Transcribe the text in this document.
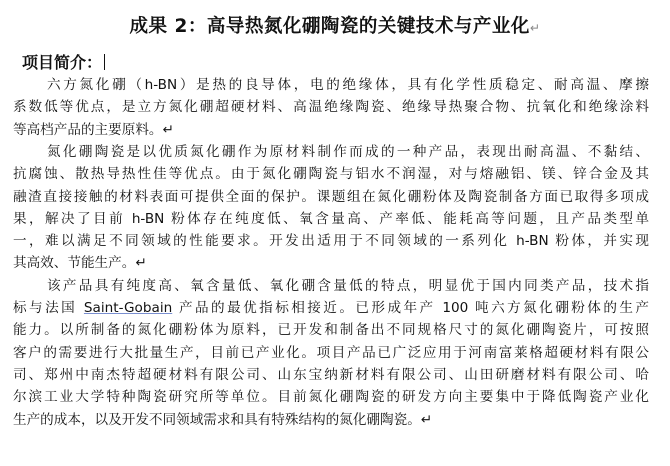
成果 2：高导热氮化硼陶瓷的关键技术与产业化↵
项目简介：
六方氮化硼（h-BN）是热的良导体，电的绝缘体，具有化学性质稳定、耐高温、摩擦
系数低等优点，是立方氮化硼超硬材料、高温绝缘陶瓷、绝缘导热聚合物、抗氧化和绝缘涂料
等高档产品的主要原料。↵
氮化硼陶瓷是以优质氮化硼作为原材料制作而成的一种产品，表现出耐高温、不黏结、
抗腐蚀、散热导热性佳等优点。由于氮化硼陶瓷与铝水不润湿，对与熔融铝、镁、锌合金及其
融渣直接接触的材料表面可提供全面的保护。课题组在氮化硼粉体及陶瓷制备方面已取得多项成
果，解决了目前 h-BN 粉体存在纯度低、氧含量高、产率低、能耗高等问题，且产品类型单
一，难以满足不同领域的性能要求。开发出适用于不同领域的一系列化 h-BN 粉体，并实现
其高效、节能生产。↵
该产品具有纯度高、氧含量低、氧化硼含量低的特点，明显优于国内同类产品，技术指
标与法国 Saint-Gobain 产品的最优指标相接近。已形成年产 100 吨六方氮化硼粉体的生产
能力。以所制备的氮化硼粉体为原料，已开发和制备出不同规格尺寸的氮化硼陶瓷片，可按照
客户的需要进行大批量生产，目前已产业化。项目产品已广泛应用于河南富莱格超硬材料有限公
司、郑州中南杰特超硬材料有限公司、山东宝纳新材料有限公司、山田研磨材料有限公司、哈
尔滨工业大学特种陶瓷研究所等单位。目前氮化硼陶瓷的研发方向主要集中于降低陶瓷产业化
生产的成本，以及开发不同领域需求和具有特殊结构的氮化硼陶瓷。↵
